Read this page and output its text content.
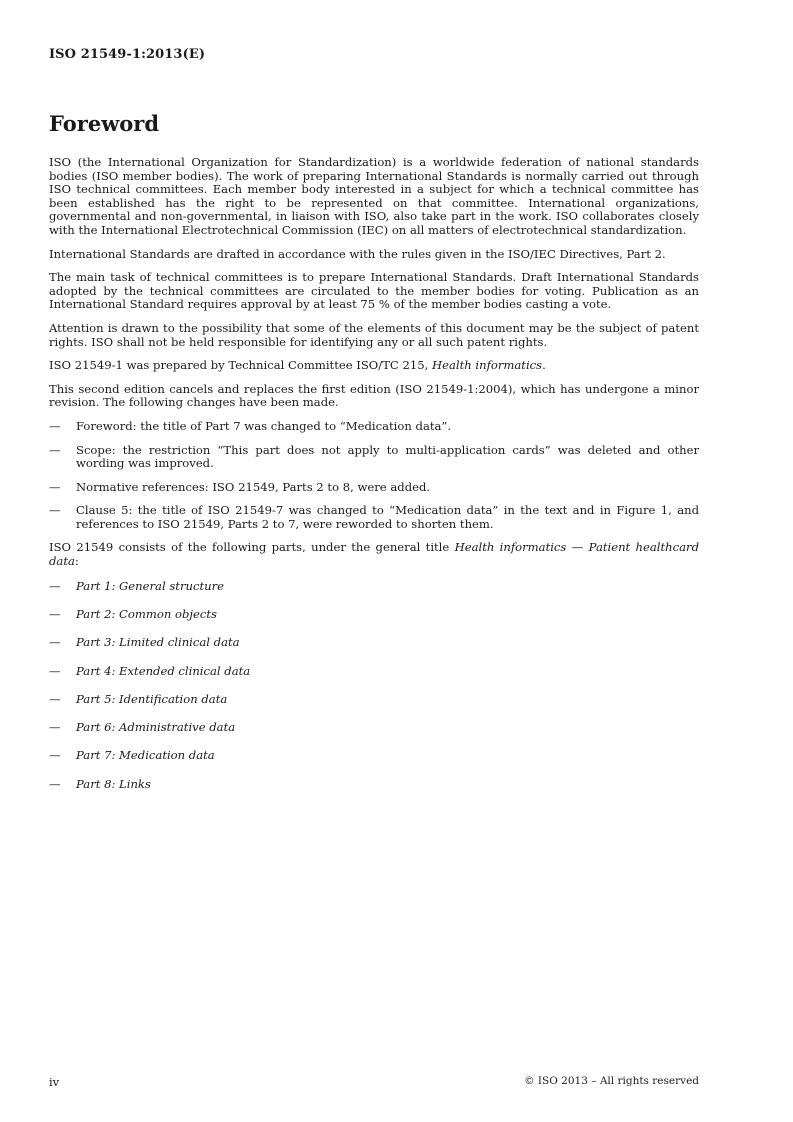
ISO 21549-1:2013(E)
Foreword

ISO (the International Organization for Standardization) is a worldwide federation of national standards bodies (ISO member bodies). The work of preparing International Standards is normally carried out through ISO technical committees. Each member body interested in a subject for which a technical committee has been established has the right to be represented on that committee. International organizations, governmental and non-governmental, in liaison with ISO, also take part in the work. ISO collaborates closely with the International Electrotechnical Commission (IEC) on all matters of electrotechnical standardization.

International Standards are drafted in accordance with the rules given in the ISO/IEC Directives, Part 2.

The main task of technical committees is to prepare International Standards. Draft International Standards adopted by the technical committees are circulated to the member bodies for voting. Publication as an International Standard requires approval by at least 75 % of the member bodies casting a vote.

Attention is drawn to the possibility that some of the elements of this document may be the subject of patent rights. ISO shall not be held responsible for identifying any or all such patent rights.

ISO 21549-1 was prepared by Technical Committee ISO/TC 215, Health informatics.

This second edition cancels and replaces the first edition (ISO 21549-1:2004), which has undergone a minor revision. The following changes have been made.

— Foreword: the title of Part 7 was changed to “Medication data”.
— Scope: the restriction “This part does not apply to multi-application cards” was deleted and other wording was improved.
— Normative references: ISO 21549, Parts 2 to 8, were added.
— Clause 5: the title of ISO 21549-7 was changed to “Medication data” in the text and in Figure 1, and references to ISO 21549, Parts 2 to 7, were reworded to shorten them.

ISO 21549 consists of the following parts, under the general title Health informatics — Patient healthcard data:

— Part 1: General structure
— Part 2: Common objects
— Part 3: Limited clinical data
— Part 4: Extended clinical data
— Part 5: Identification data
— Part 6: Administrative data
— Part 7: Medication data
— Part 8: Links
iv	© ISO 2013 – All rights reserved
